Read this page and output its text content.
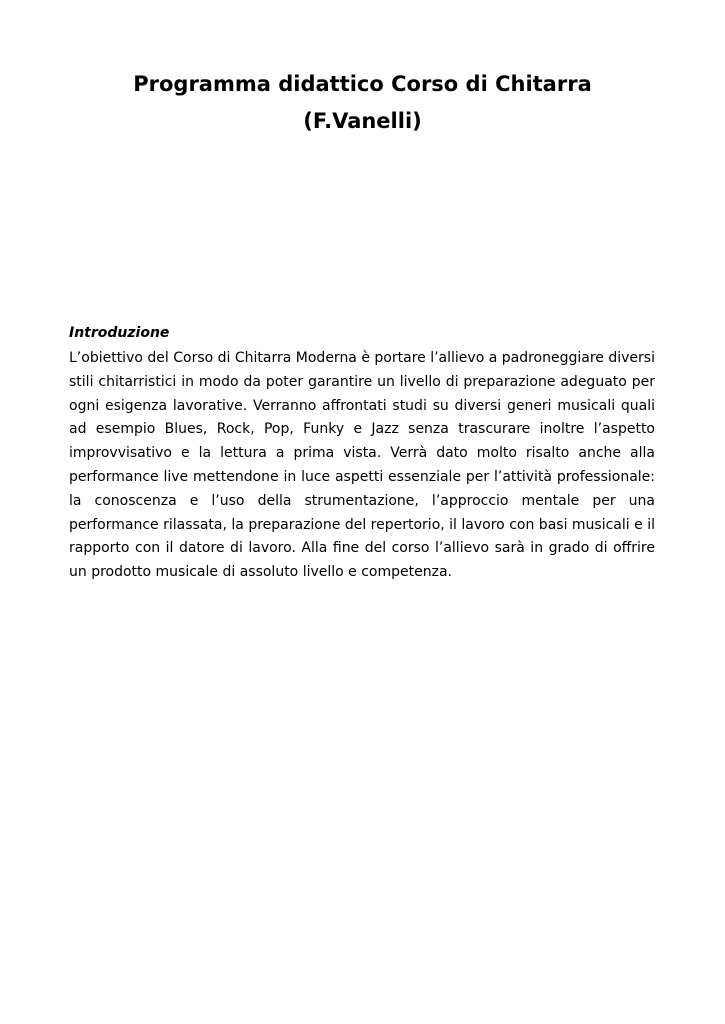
Programma didattico Corso di Chitarra
(F.Vanelli)
Introduzione

L’obiettivo del Corso di Chitarra Moderna è portare l’allievo a padroneggiare diversi stili chitarristici in modo da poter garantire un livello di preparazione adeguato per ogni esigenza lavorative. Verranno affrontati studi su diversi generi musicali quali ad esempio Blues, Rock, Pop, Funky e Jazz senza trascurare inoltre l’aspetto improvvisativo e la lettura a prima vista. Verrà dato molto risalto anche alla performance live mettendone in luce aspetti essenziale per l’attività professionale: la conoscenza e l’uso della strumentazione, l’approccio mentale per una performance rilassata, la preparazione del repertorio, il lavoro con basi musicali e il rapporto con il datore di lavoro. Alla fine del corso l’allievo sarà in grado di offrire un prodotto musicale di assoluto livello e competenza.
